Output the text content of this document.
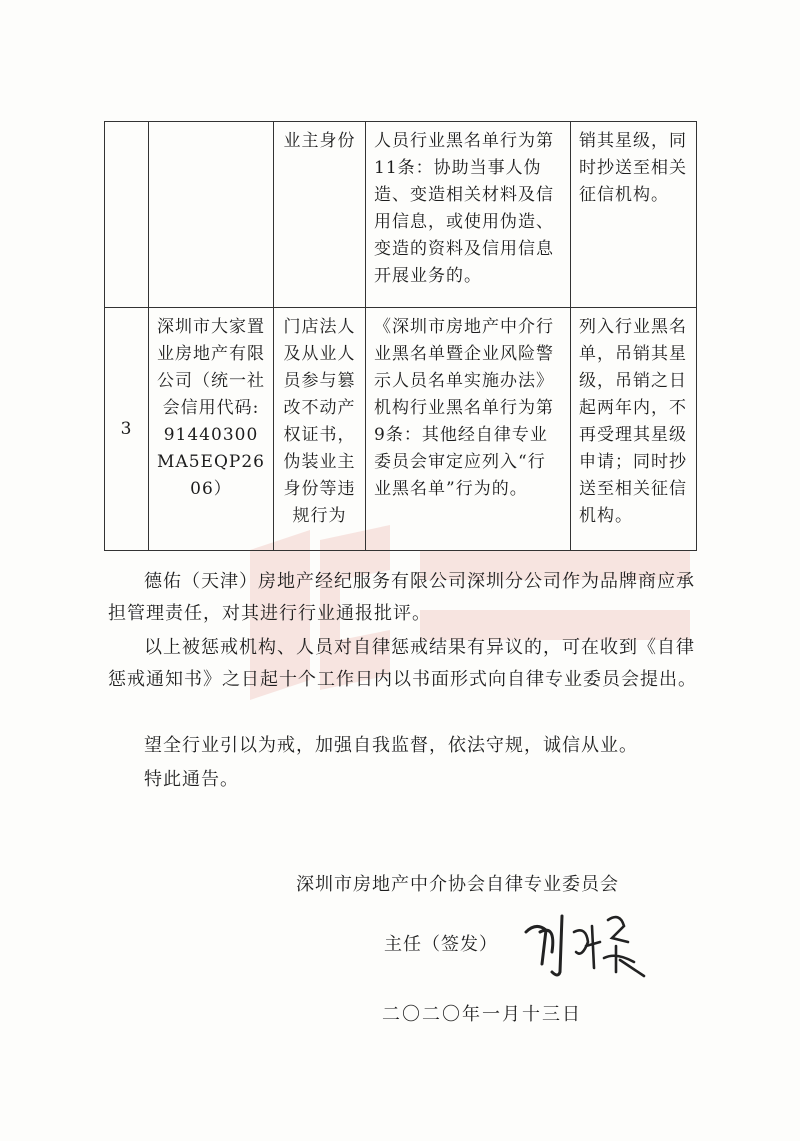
		业主身份	人员行业黑名单行为第11条：协助当事人伪造、变造相关材料及信用信息，或使用伪造、变造的资料及信用信息开展业务的。	销其星级，同时抄送至相关征信机构。
3	深圳市大家置业房地产有限公司（统一社会信用代码:91440300MA5EQP2606）	门店法人及从业人员参与篡改不动产权证书，伪装业主身份等违规行为	《深圳市房地产中介行业黑名单暨企业风险警示人员名单实施办法》机构行业黑名单行为第9条：其他经自律专业委员会审定应列入“行业黑名单”行为的。	列入行业黑名单，吊销其星级，吊销之日起两年内，不再受理其星级申请；同时抄送至相关征信机构。

德佑（天津）房地产经纪服务有限公司深圳分公司作为品牌商应承担管理责任，对其进行行业通报批评。

以上被惩戒机构、人员对自律惩戒结果有异议的，可在收到《自律惩戒通知书》之日起十个工作日内以书面形式向自律专业委员会提出。

望全行业引以为戒，加强自我监督，依法守规，诚信从业。

特此通告。

深圳市房地产中介协会自律专业委员会
主任（签发）
二〇二〇年一月十三日
